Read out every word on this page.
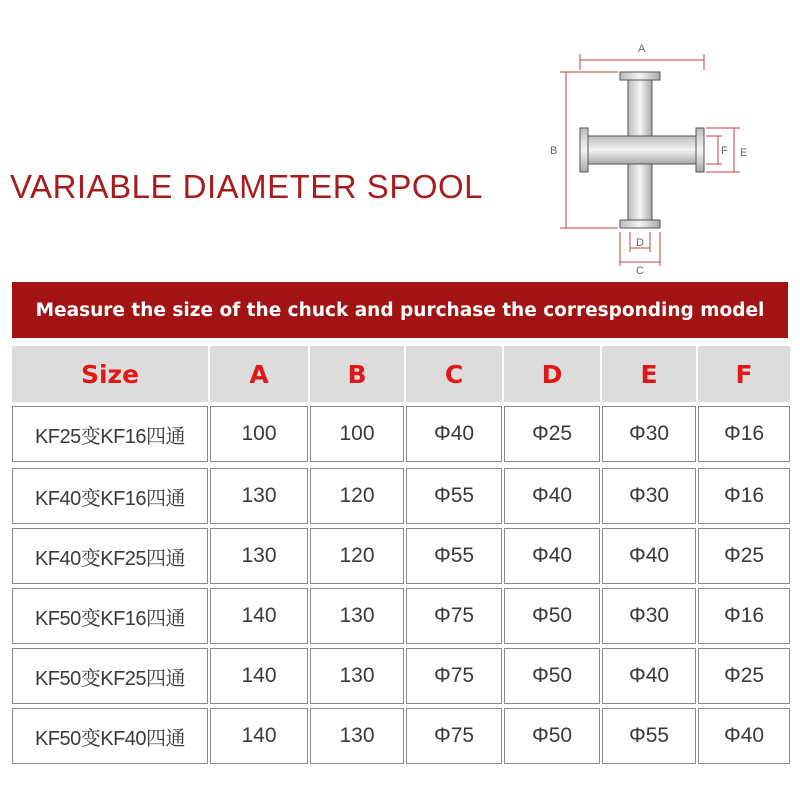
VARIABLE DIAMETER SPOOL
A
B	E
F
D
C
Measure the size of the chuck and purchase the corresponding model
Size	A	B	C	D	E	F
KF25变KF16四通	100	100	Φ40	Φ25	Φ30	Φ16
KF40变KF16四通	130	120	Φ55	Φ40	Φ30	Φ16
KF40变KF25四通	130	120	Φ55	Φ40	Φ40	Φ25
KF50变KF16四通	140	130	Φ75	Φ50	Φ30	Φ16
KF50变KF25四通	140	130	Φ75	Φ50	Φ40	Φ25
KF50变KF40四通	140	130	Φ75	Φ50	Φ55	Φ40
